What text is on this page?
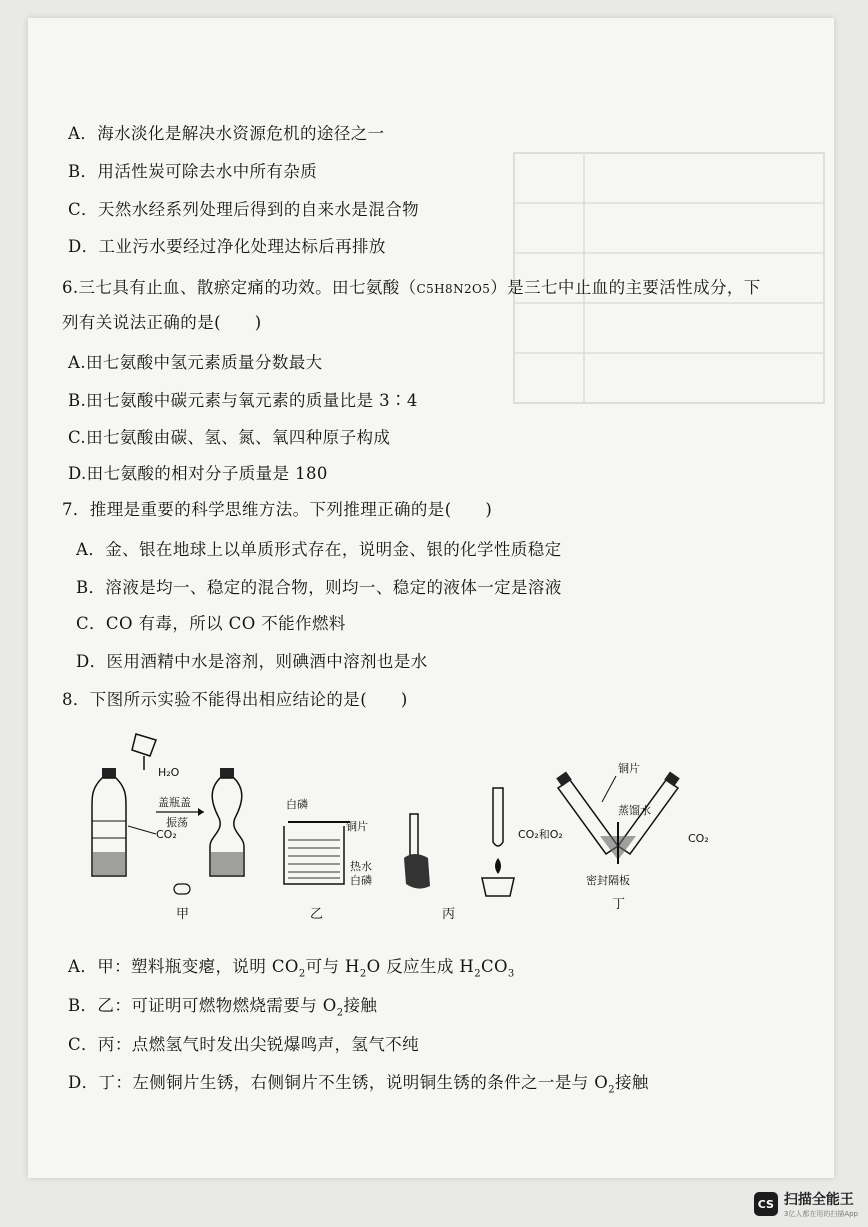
A．海水淡化是解决水资源危机的途径之一
B．用活性炭可除去水中所有杂质
C．天然水经系列处理后得到的自来水是混合物
D．工业污水要经过净化处理达标后再排放
6.三七具有止血、散瘀定痛的功效。田七氨酸（C5H8N2O5）是三七中止血的主要活性成分，下
列有关说法正确的是(　　)
A.田七氨酸中氢元素质量分数最大
B.田七氨酸中碳元素与氧元素的质量比是 3∶4
C.田七氨酸由碳、氢、氮、氧四种原子构成
D.田七氨酸的相对分子质量是 180
7．推理是重要的科学思维方法。下列推理正确的是(　　)
A．金、银在地球上以单质形式存在，说明金、银的化学性质稳定
B．溶液是均一、稳定的混合物，则均一、稳定的液体一定是溶液
C．CO 有毒，所以 CO 不能作燃料
D．医用酒精中水是溶剂，则碘酒中溶剂也是水
8．下图所示实验不能得出相应结论的是(　　)
H₂O
CO₂
盖瓶盖
振荡
甲
白磷
铜片
热水
白磷
乙	丙
铜片
蒸馏水
CO₂和O₂	CO₂
密封隔板
丁
A．甲：塑料瓶变瘪，说明 $CO_2$可与 $H_2O$ 反应生成 $H_2CO_3$
B．乙：可证明可燃物燃烧需要与 $O_2$接触
C．丙：点燃氢气时发出尖锐爆鸣声，氢气不纯
D．丁：左侧铜片生锈，右侧铜片不生锈，说明铜生锈的条件之一是与 $O_2$接触
CS 扫描全能王
3亿人都在用的扫描App
